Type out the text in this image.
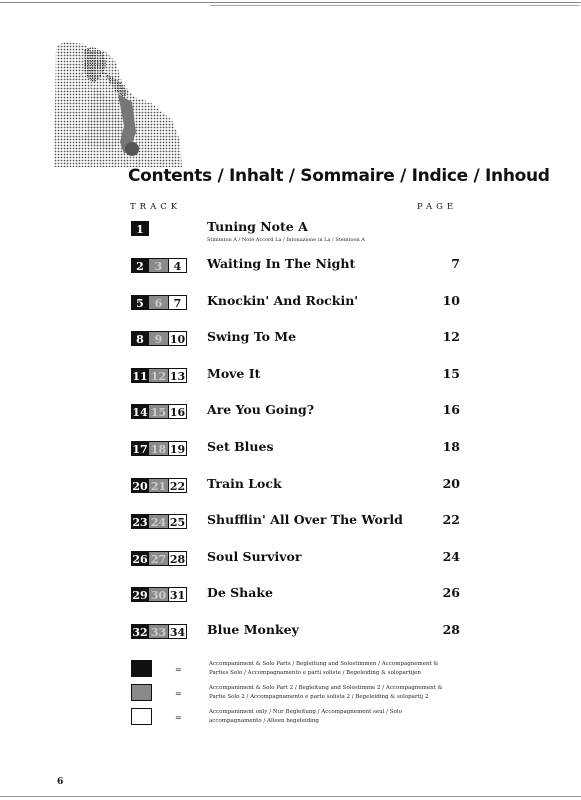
Contents / Inhalt / Sommaire / Indice / Inhoud
TRACK	PAGE
1	Tuning Note A
Stimmton A / Note Accord La / Intonazione in La / Stemtoon A
2 3	4	Waiting In The Night	7
5 6	7	Knockin' And Rockin'	10
8 9 10 Swing To Me	12
11 12 13 Move It	15
14 15 16 Are You Going?	16
17 18 19 Set Blues	18
20 21 22 Train Lock	20
23 24 25 Shufflin' All Over The World	22
26 27 28 Soul Survivor	24
29 30 31 De Shake	26
32 33 34 Blue Monkey	28
=
Accompaniment & Solo Parts / Begleitung and Solostimmen / Accompagnement & Parties Solo / Accompagnamento e parti soliste / Begeleiding & solopartijen
=
Accompaniment & Solo Part 2 / Begleitung and Solostimme 2 / Accompagnement & Partie Solo 2 / Accompagnamento e parte solista 2 / Begeleiding & solopartij 2
=
Accompaniment only / Nur Begleitung / Accompagnement seul / Solo accompagnamento / Alleen begeleiding
6
